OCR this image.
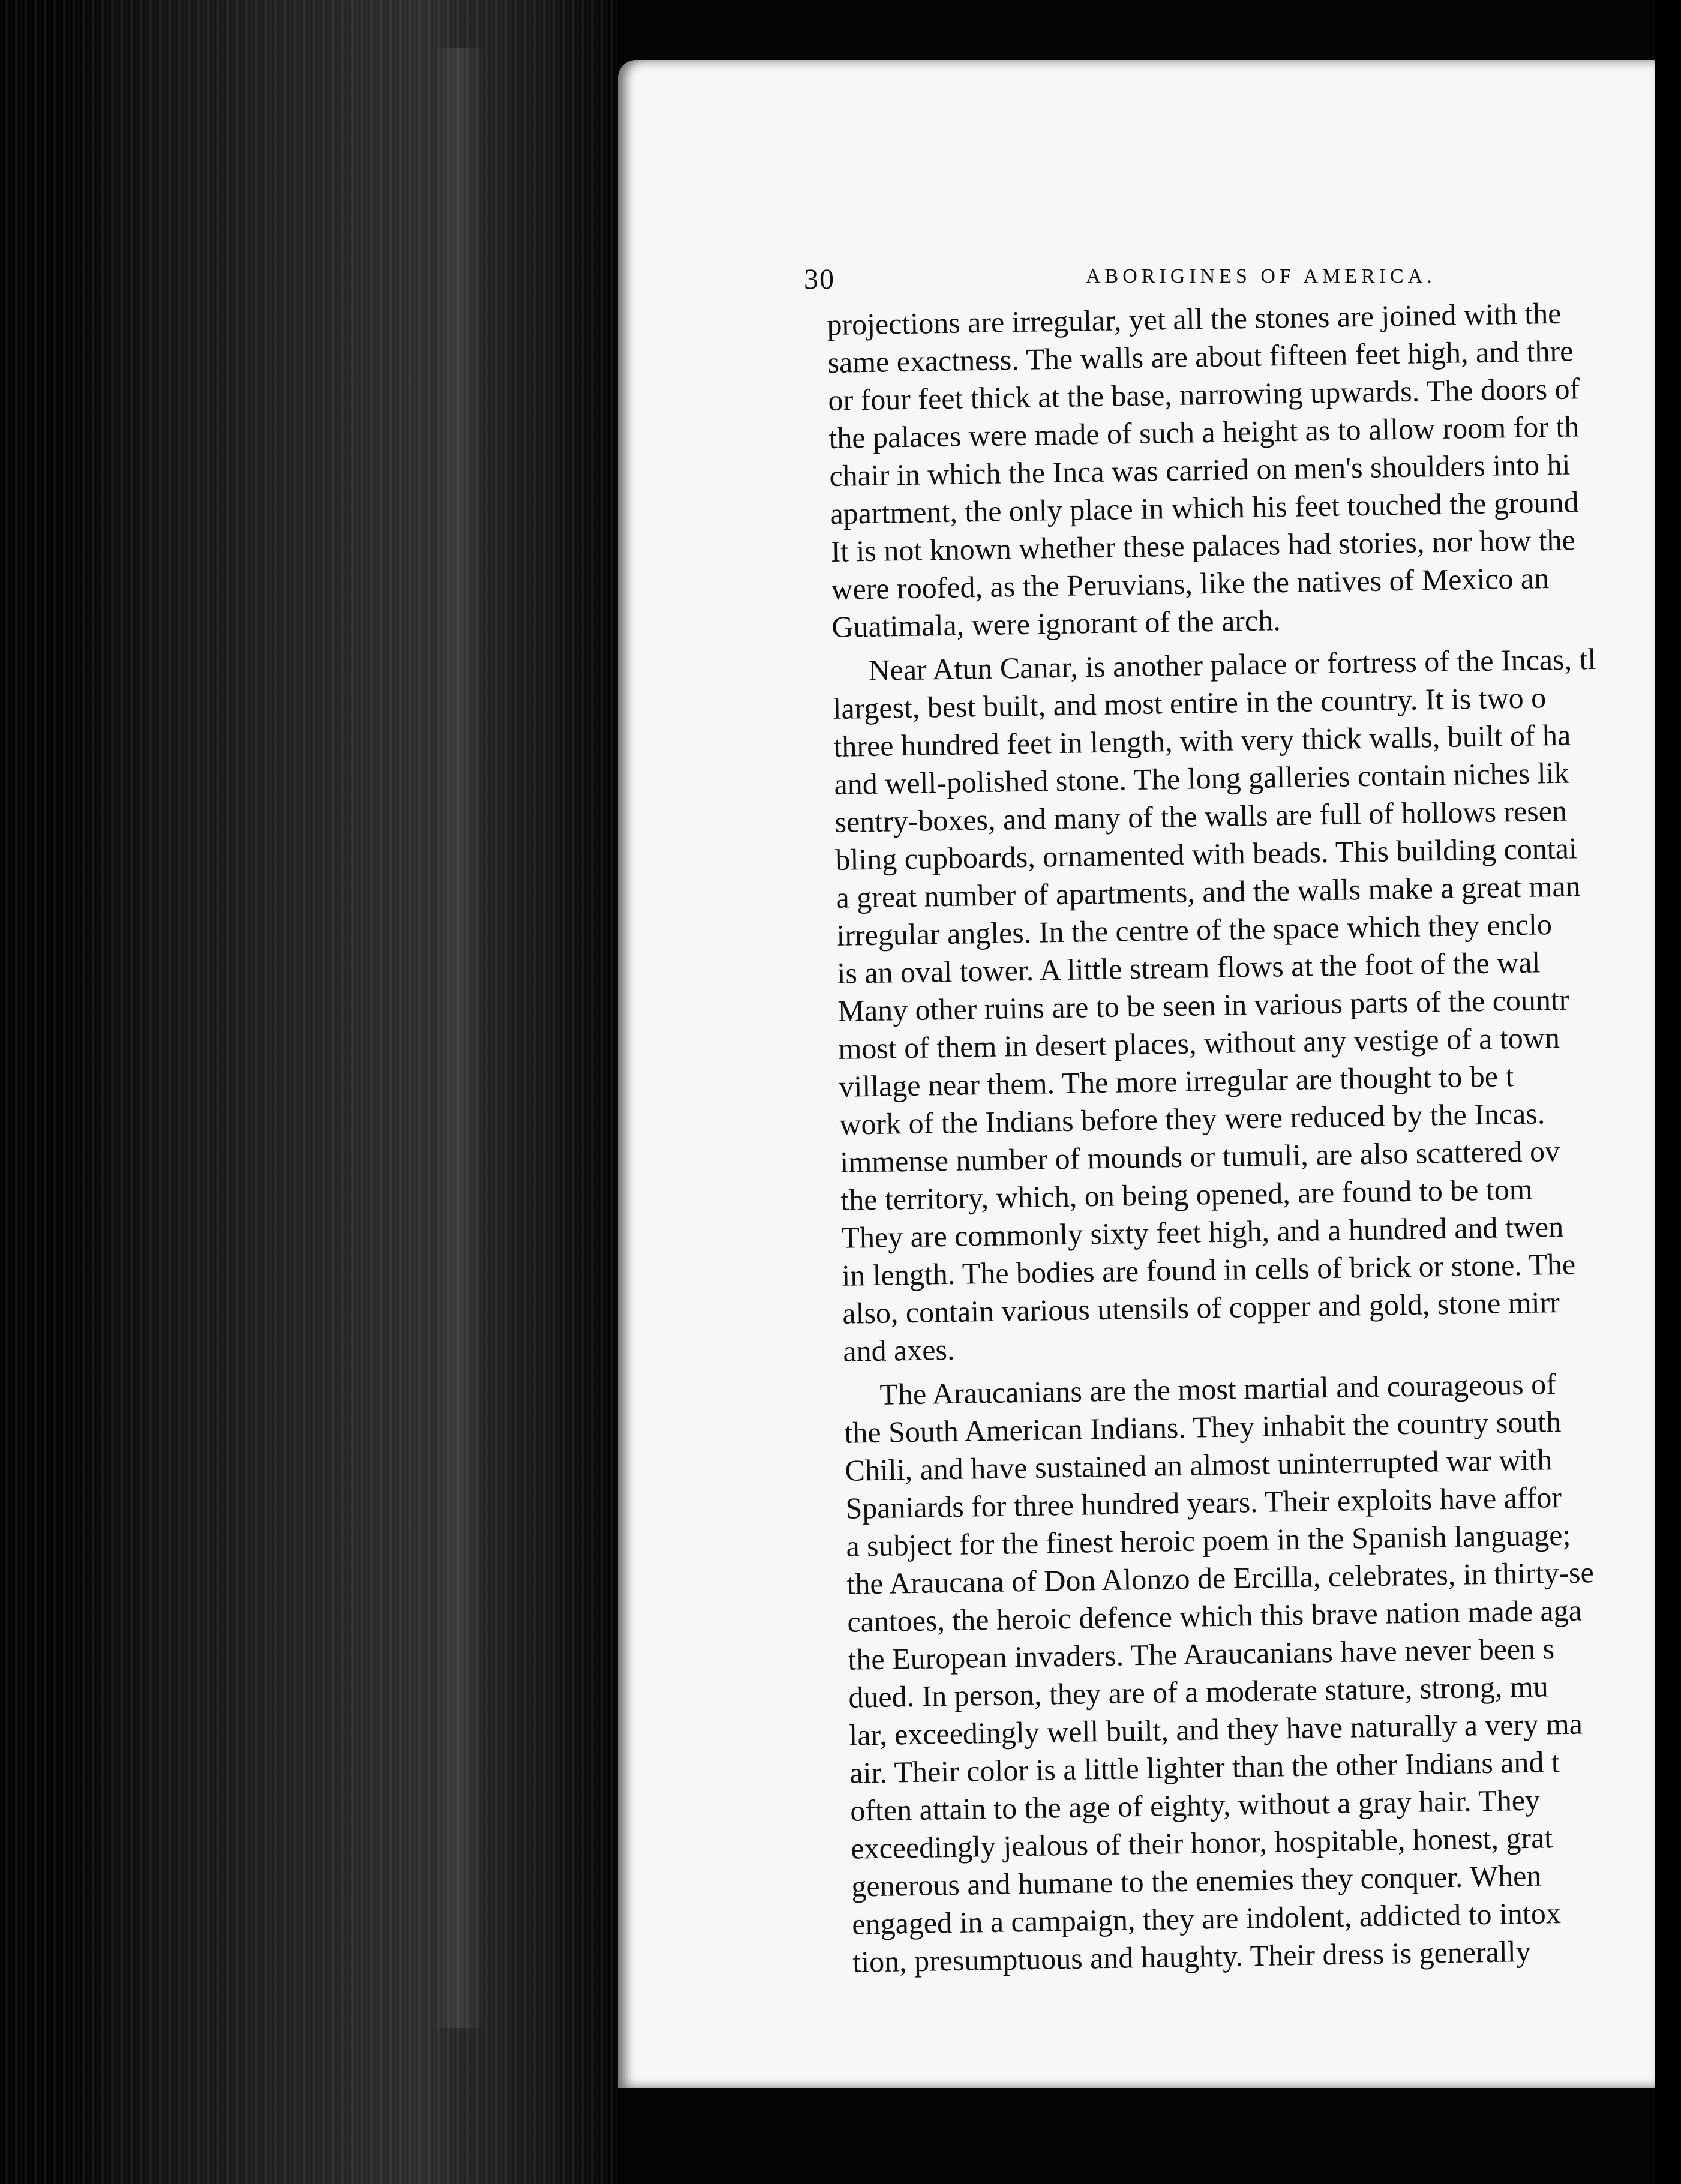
30	ABORIGINES OF AMERICA.
projections are irregular, yet all the stones are joined with the
same exactness. The walls are about fifteen feet high, and thre
or four feet thick at the base, narrowing upwards. The doors of
the palaces were made of such a height as to allow room for th
chair in which the Inca was carried on men's shoulders into hi
apartment, the only place in which his feet touched the ground
It is not known whether these palaces had stories, nor how the
were roofed, as the Peruvians, like the natives of Mexico an
Guatimala, were ignorant of the arch.
Near Atun Canar, is another palace or fortress of the Incas, tl
largest, best built, and most entire in the country. It is two o
three hundred feet in length, with very thick walls, built of ha
and well-polished stone. The long galleries contain niches lik
sentry-boxes, and many of the walls are full of hollows resen
bling cupboards, ornamented with beads. This building contai
a great number of apartments, and the walls make a great man
irregular angles. In the centre of the space which they enclo
is an oval tower. A little stream flows at the foot of the wal
Many other ruins are to be seen in various parts of the countr
most of them in desert places, without any vestige of a town
village near them. The more irregular are thought to be t
work of the Indians before they were reduced by the Incas.
immense number of mounds or tumuli, are also scattered ov
the territory, which, on being opened, are found to be tom
They are commonly sixty feet high, and a hundred and twen
in length. The bodies are found in cells of brick or stone. The
also, contain various utensils of copper and gold, stone mirr
and axes.
The Araucanians are the most martial and courageous of
the South American Indians. They inhabit the country south
Chili, and have sustained an almost uninterrupted war with
Spaniards for three hundred years. Their exploits have affor
a subject for the finest heroic poem in the Spanish language;
the Araucana of Don Alonzo de Ercilla, celebrates, in thirty-se
cantoes, the heroic defence which this brave nation made aga
the European invaders. The Araucanians have never been s
dued. In person, they are of a moderate stature, strong, mu
lar, exceedingly well built, and they have naturally a very ma
air. Their color is a little lighter than the other Indians and t
often attain to the age of eighty, without a gray hair. They
exceedingly jealous of their honor, hospitable, honest, grat
generous and humane to the enemies they conquer. When
engaged in a campaign, they are indolent, addicted to intox
tion, presumptuous and haughty. Their dress is generally
